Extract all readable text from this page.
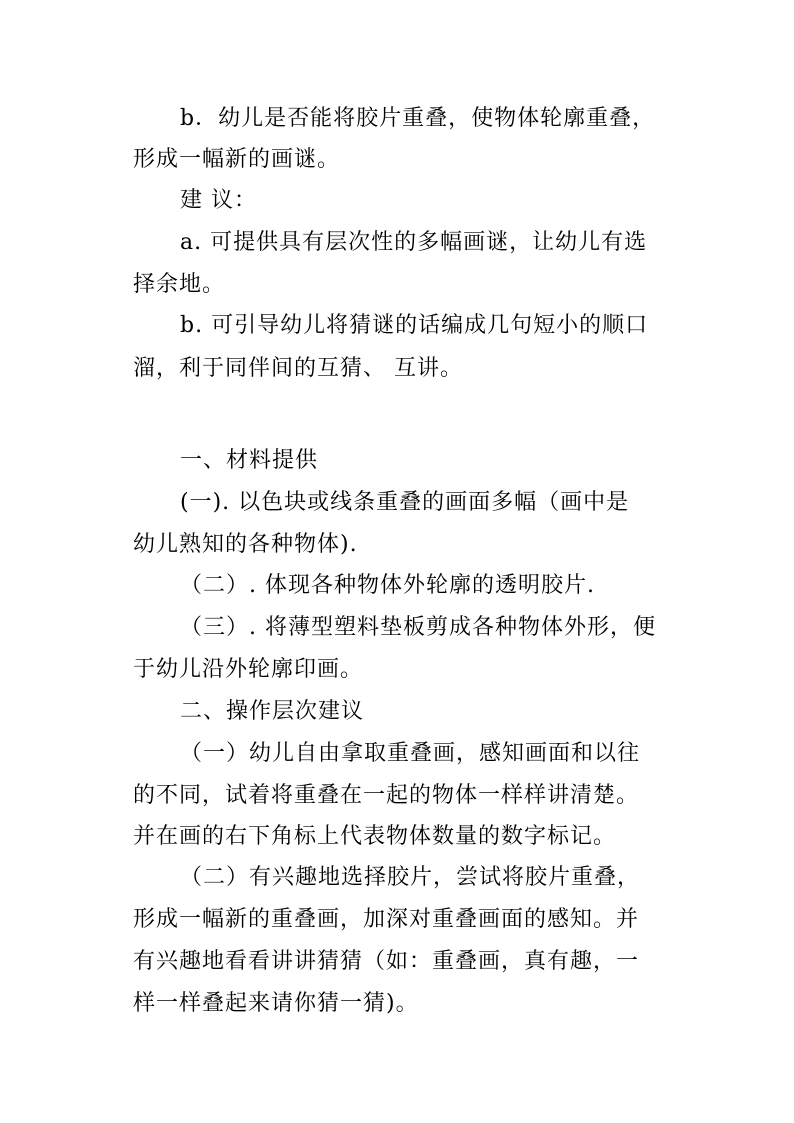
b．幼儿是否能将胶片重叠，使物体轮廓重叠，
形成一幅新的画谜。
建 议：
a. 可提供具有层次性的多幅画谜，让幼儿有选
择余地。
b. 可引导幼儿将猜谜的话编成几句短小的顺口
溜，利于同伴间的互猜、 互讲。
一、材料提供
(一). 以色块或线条重叠的画面多幅（画中是
幼儿熟知的各种物体).
（二）. 体现各种物体外轮廓的透明胶片.
（三）. 将薄型塑料垫板剪成各种物体外形，便
于幼儿沿外轮廓印画。
二、操作层次建议
（一）幼儿自由拿取重叠画，感知画面和以往
的不同，试着将重叠在一起的物体一样样讲清楚。
并在画的右下角标上代表物体数量的数字标记。
（二）有兴趣地选择胶片，尝试将胶片重叠，
形成一幅新的重叠画，加深对重叠画面的感知。并
有兴趣地看看讲讲猜猜（如：重叠画，真有趣，一
样一样叠起来请你猜一猜)。
